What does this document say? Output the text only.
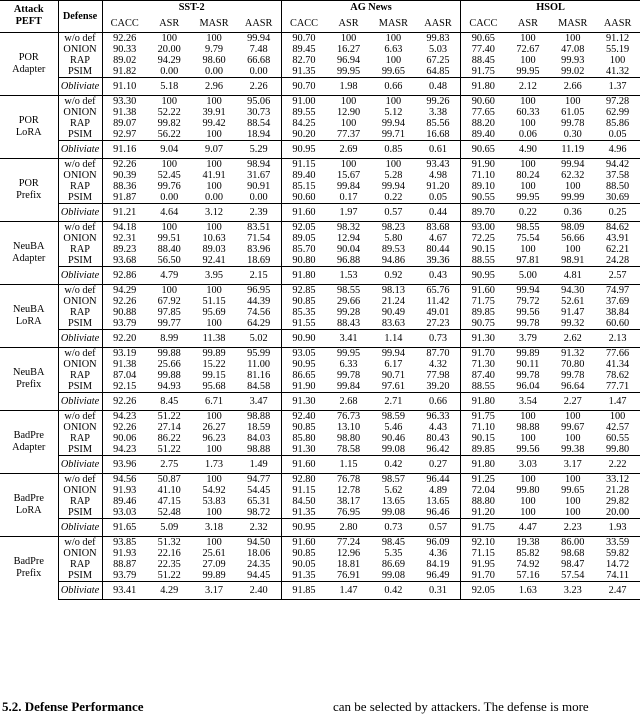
Attack
PEFT	Defense	SST-2				AG News				HSOL			
		CACC	ASR	MASR	AASR	CACC	ASR	MASR	AASR	CACC	ASR	MASR	AASR

POR
Adapter	w/o def	92.26	100	100	99.94	90.70	100	100	99.83	90.65	100	100	91.12
	ONION	90.33	20.00	9.79	7.48	89.45	16.27	6.63	5.03	77.40	72.67	47.08	55.19
	RAP	89.02	94.29	98.60	66.68	82.70	96.94	100	67.25	88.45	100	99.93	100
	PSIM	91.82	0.00	0.00	0.00	91.35	99.95	99.65	64.85	91.75	99.95	99.02	41.32
	Obliviate	91.10	5.18	2.96	2.26	90.70	1.98	0.66	0.48	91.80	2.12	2.66	1.37

POR
LoRA	w/o def	93.30	100	100	95.06	91.00	100	100	99.26	90.60	100	100	97.28
	ONION	91.38	52.22	39.91	30.73	89.55	12.90	5.12	3.38	77.65	60.33	61.05	62.99
	RAP	89.07	99.82	99.42	88.54	84.25	100	99.94	85.56	88.20	100	99.78	85.86
	PSIM	92.97	56.22	100	18.94	90.20	77.37	99.71	16.68	89.40	0.06	0.30	0.05
	Obliviate	91.16	9.04	9.07	5.29	90.95	2.69	0.85	0.61	90.65	4.90	11.19	4.96

POR
Prefix	w/o def	92.26	100	100	98.94	91.15	100	100	93.43	91.90	100	99.94	94.42
	ONION	90.39	52.45	41.91	31.67	89.40	15.67	5.28	4.98	71.10	80.24	62.32	37.58
	RAP	88.36	99.76	100	90.91	85.15	99.84	99.94	91.20	89.10	100	100	88.50
	PSIM	91.87	0.00	0.00	0.00	90.60	0.17	0.22	0.05	90.55	99.95	99.99	30.69
	Obliviate	91.21	4.64	3.12	2.39	91.60	1.97	0.57	0.44	89.70	0.22	0.36	0.25

NeuBA
Adapter	w/o def	94.18	100	100	83.51	92.05	98.32	98.23	83.68	93.00	98.55	98.09	84.62
	ONION	92.31	99.51	10.63	71.54	89.05	12.94	5.80	4.67	72.25	75.54	56.66	43.91
	RAP	89.23	88.40	89.03	83.96	85.70	90.04	89.53	80.44	90.15	100	100	62.21
	PSIM	93.68	56.50	92.41	18.69	90.80	96.88	94.86	39.36	88.55	97.81	98.91	24.28
	Obliviate	92.86	4.79	3.95	2.15	91.80	1.53	0.92	0.43	90.95	5.00	4.81	2.57

NeuBA
LoRA	w/o def	94.29	100	100	96.95	92.85	98.55	98.13	65.76	91.60	99.94	94.30	74.97
	ONION	92.26	67.92	51.15	44.39	90.85	29.66	21.24	11.42	71.75	79.72	52.61	37.69
	RAP	90.88	97.85	95.69	74.56	85.35	99.28	90.49	49.01	89.85	99.56	91.47	38.84
	PSIM	93.79	99.77	100	64.29	91.55	88.43	83.63	27.23	90.75	99.78	99.32	60.60
	Obliviate	92.20	8.99	11.38	5.02	90.90	3.41	1.14	0.73	91.30	3.79	2.62	2.13

NeuBA
Prefix	w/o def	93.19	99.88	99.89	95.99	93.05	99.95	99.94	87.70	91.70	99.89	91.32	77.66
	ONION	91.38	25.66	15.22	11.00	90.95	6.33	6.17	4.32	71.30	90.11	70.80	41.34
	RAP	87.04	99.88	99.15	81.16	86.65	99.78	90.71	77.98	87.40	99.78	99.78	78.62
	PSIM	92.15	94.93	95.68	84.58	91.90	99.84	97.61	39.20	88.55	96.04	96.64	77.71
	Obliviate	92.26	8.45	6.71	3.47	91.30	2.68	2.71	0.66	91.80	3.54	2.27	1.47

BadPre
Adapter	w/o def	94.23	51.22	100	98.88	92.40	76.73	98.59	96.33	91.75	100	100	100
	ONION	92.26	27.14	26.27	18.59	90.85	13.10	5.46	4.43	71.10	98.88	99.67	42.57
	RAP	90.06	86.22	96.23	84.03	85.80	98.80	90.46	80.43	90.15	100	100	60.55
	PSIM	94.23	51.22	100	98.88	91.30	78.58	99.08	96.42	89.85	99.56	99.38	99.80
	Obliviate	93.96	2.75	1.73	1.49	91.60	1.15	0.42	0.27	91.80	3.03	3.17	2.22

BadPre
LoRA	w/o def	94.56	50.87	100	94.77	92.80	76.78	98.57	96.44	91.25	100	100	33.12
	ONION	91.93	41.10	54.92	54.45	91.15	12.78	5.62	4.89	72.04	99.80	99.65	21.28
	RAP	89.46	47.15	53.83	65.31	84.50	38.17	13.65	13.65	88.80	100	100	29.82
	PSIM	93.03	52.48	100	98.72	91.35	76.95	99.08	96.46	91.20	100	100	20.00
	Obliviate	91.65	5.09	3.18	2.32	90.95	2.80	0.73	0.57	91.75	4.47	2.23	1.93

BadPre
Prefix	w/o def	93.85	51.32	100	94.50	91.60	77.24	98.45	96.09	92.10	19.38	86.00	33.59
	ONION	91.93	22.16	25.61	18.06	90.85	12.96	5.35	4.36	71.15	85.82	98.68	59.82
	RAP	88.87	22.35	27.09	24.35	90.05	18.81	86.69	84.19	91.95	74.92	98.47	14.72
	PSIM	93.79	51.22	99.89	94.45	91.35	76.91	99.08	96.49	91.70	57.16	57.54	74.11
	Obliviate	93.41	4.29	3.17	2.40	91.85	1.47	0.42	0.31	92.05	1.63	3.23	2.47
5.2. Defense Performance	can be selected by attackers. The defense is more
